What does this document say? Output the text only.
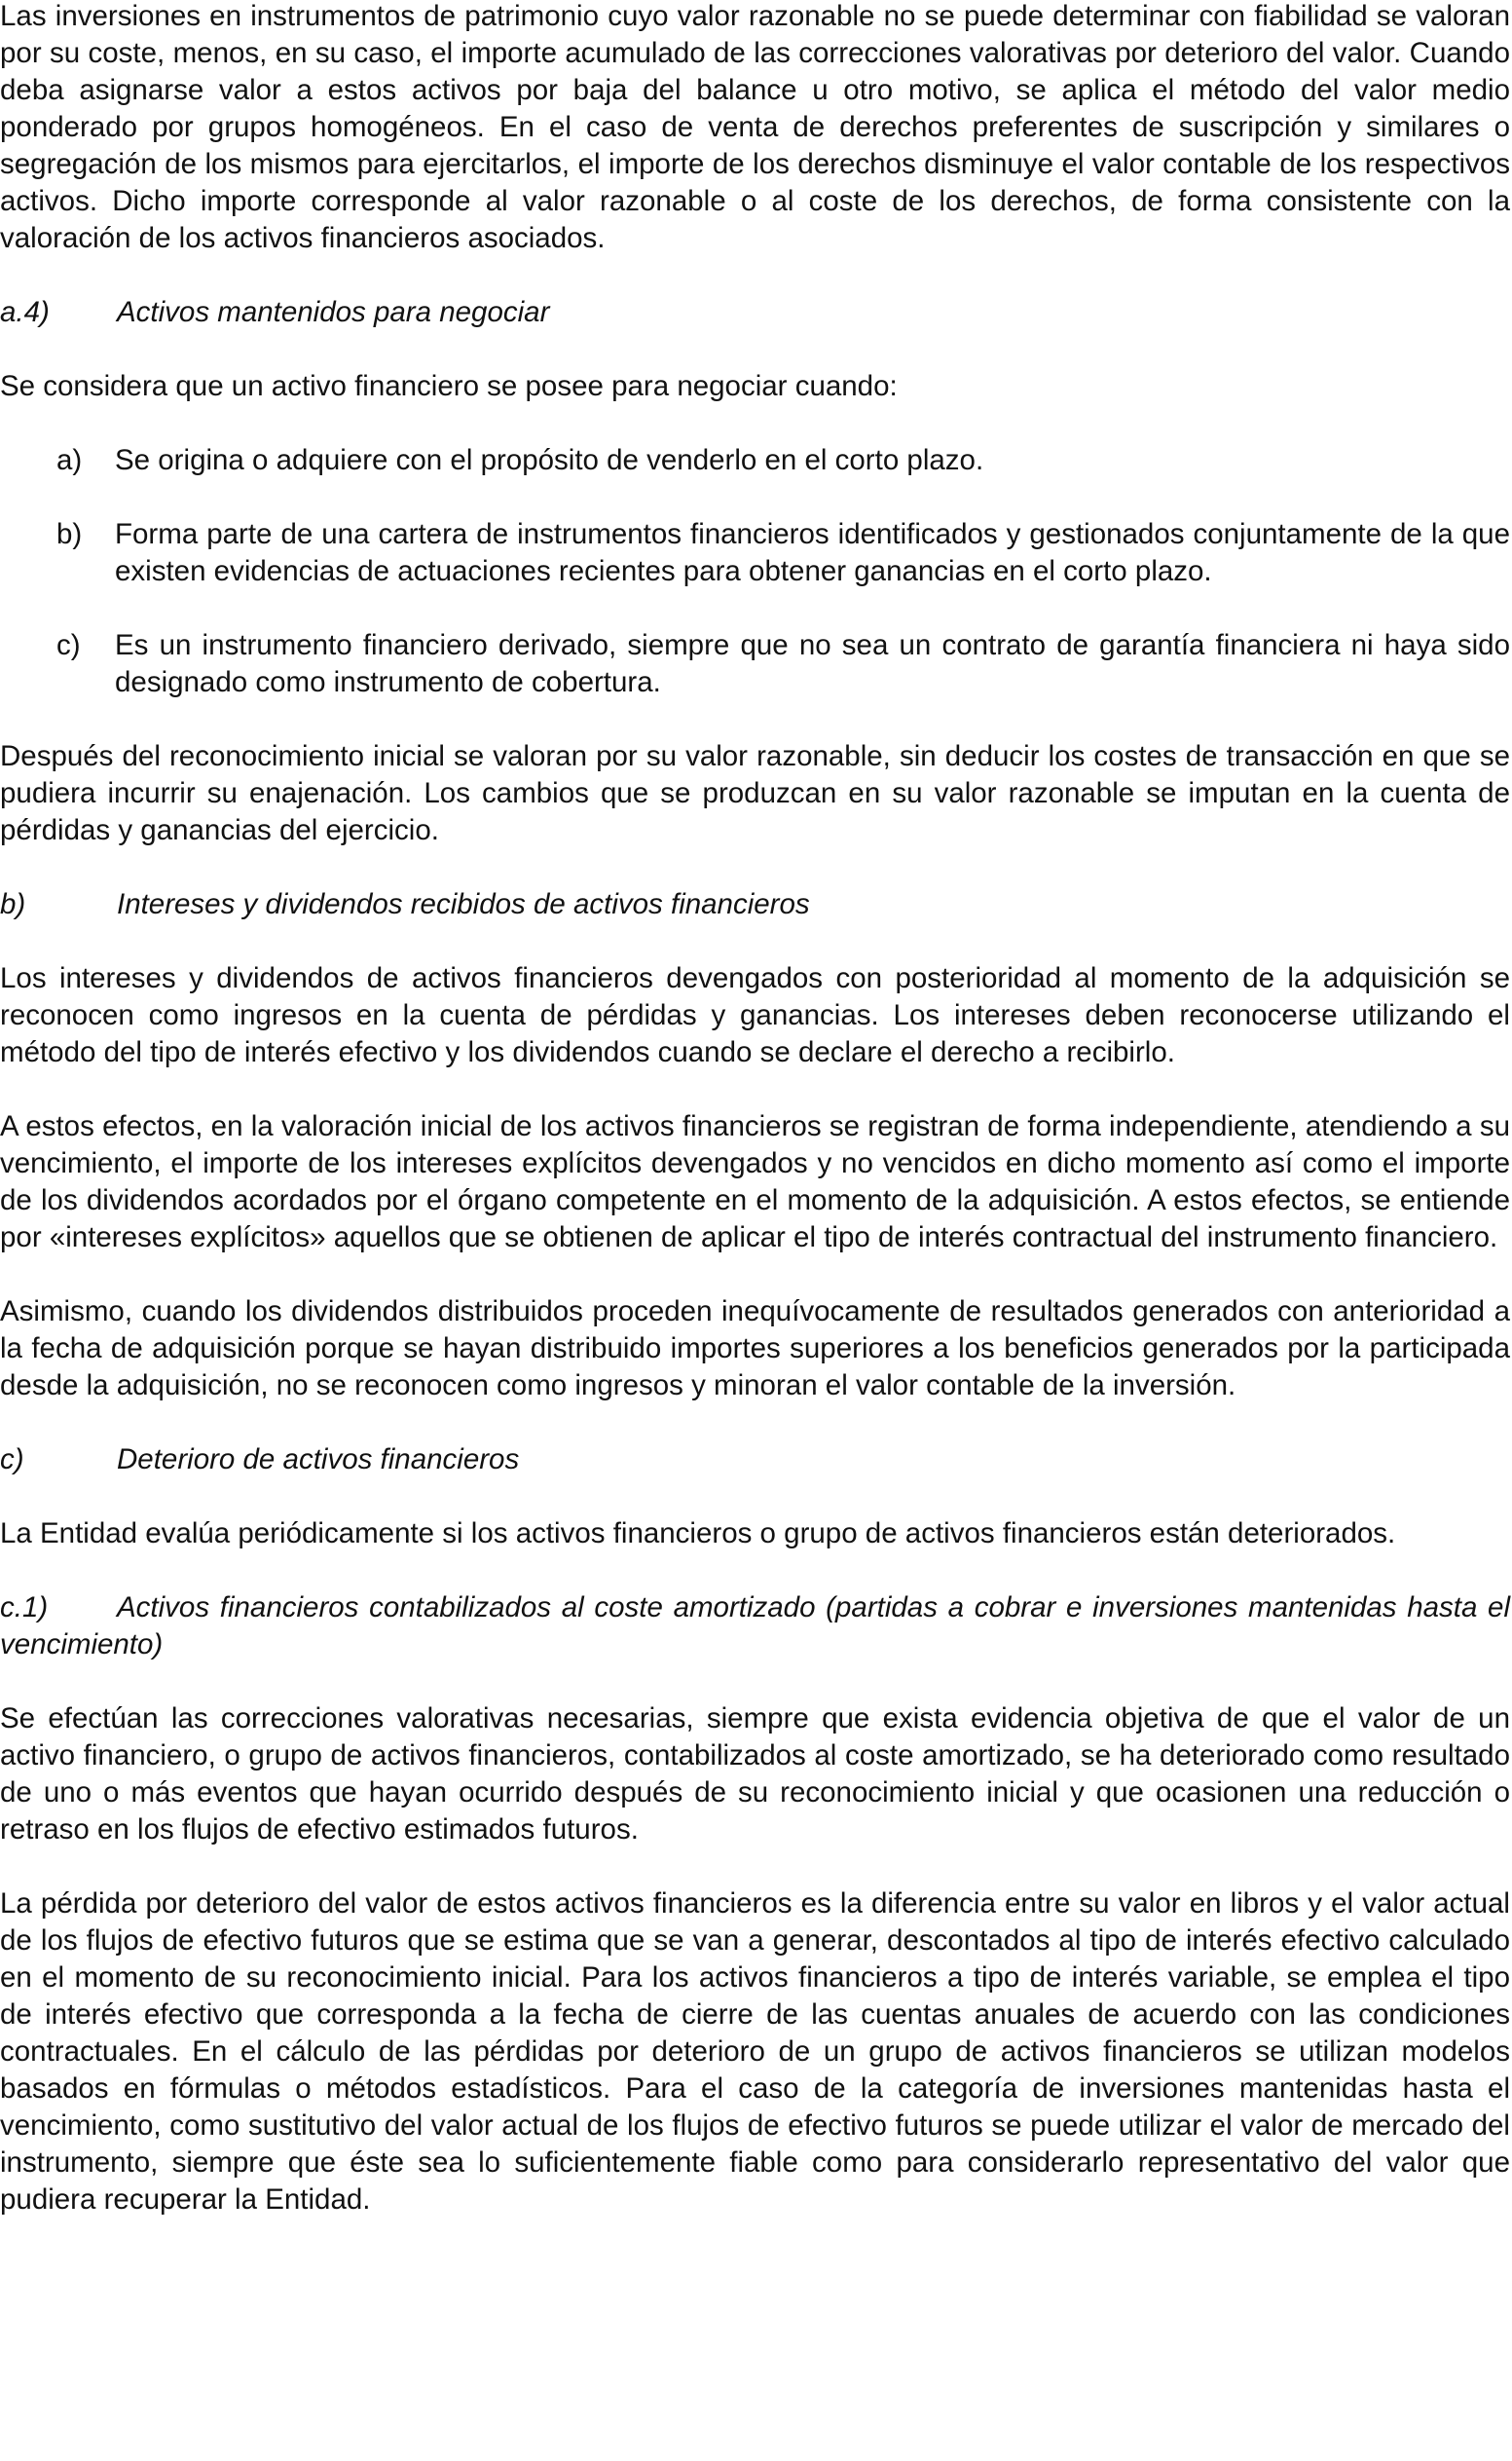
Las inversiones en instrumentos de patrimonio cuyo valor razonable no se puede determinar con fiabilidad se valoran por su coste, menos, en su caso, el importe acumulado de las correcciones valorativas por deterioro del valor. Cuando deba asignarse valor a estos activos por baja del balance u otro motivo, se aplica el método del valor medio ponderado por grupos homogéneos. En el caso de venta de derechos preferentes de suscripción y similares o segregación de los mismos para ejercitarlos, el importe de los derechos disminuye el valor contable de los respectivos activos. Dicho importe corresponde al valor razonable o al coste de los derechos, de forma consistente con la valoración de los activos financieros asociados.

a.4)	Activos mantenidos para negociar

Se considera que un activo financiero se posee para negociar cuando:

a)	Se origina o adquiere con el propósito de venderlo en el corto plazo.
b)	Forma parte de una cartera de instrumentos financieros identificados y gestionados conjuntamente de la que existen evidencias de actuaciones recientes para obtener ganancias en el corto plazo.
c)	Es un instrumento financiero derivado, siempre que no sea un contrato de garantía financiera ni haya sido designado como instrumento de cobertura.

Después del reconocimiento inicial se valoran por su valor razonable, sin deducir los costes de transacción en que se pudiera incurrir su enajenación. Los cambios que se produzcan en su valor razonable se imputan en la cuenta de pérdidas y ganancias del ejercicio.

b)	Intereses y dividendos recibidos de activos financieros

Los intereses y dividendos de activos financieros devengados con posterioridad al momento de la adquisición se reconocen como ingresos en la cuenta de pérdidas y ganancias. Los intereses deben reconocerse utilizando el método del tipo de interés efectivo y los dividendos cuando se declare el derecho a recibirlo.

A estos efectos, en la valoración inicial de los activos financieros se registran de forma independiente, atendiendo a su vencimiento, el importe de los intereses explícitos devengados y no vencidos en dicho momento así como el importe de los dividendos acordados por el órgano competente en el momento de la adquisición. A estos efectos, se entiende por «intereses explícitos» aquellos que se obtienen de aplicar el tipo de interés contractual del instrumento financiero.

Asimismo, cuando los dividendos distribuidos proceden inequívocamente de resultados generados con anterioridad a la fecha de adquisición porque se hayan distribuido importes superiores a los beneficios generados por la participada desde la adquisición, no se reconocen como ingresos y minoran el valor contable de la inversión.

c)	Deterioro de activos financieros

La Entidad evalúa periódicamente si los activos financieros o grupo de activos financieros están deteriorados.

c.1) Activos financieros contabilizados al coste amortizado (partidas a cobrar e inversiones mantenidas hasta el vencimiento)

Se efectúan las correcciones valorativas necesarias, siempre que exista evidencia objetiva de que el valor de un activo financiero, o grupo de activos financieros, contabilizados al coste amortizado, se ha deteriorado como resultado de uno o más eventos que hayan ocurrido después de su reconocimiento inicial y que ocasionen una reducción o retraso en los flujos de efectivo estimados futuros.

La pérdida por deterioro del valor de estos activos financieros es la diferencia entre su valor en libros y el valor actual de los flujos de efectivo futuros que se estima que se van a generar, descontados al tipo de interés efectivo calculado en el momento de su reconocimiento inicial. Para los activos financieros a tipo de interés variable, se emplea el tipo de interés efectivo que corresponda a la fecha de cierre de las cuentas anuales de acuerdo con las condiciones contractuales. En el cálculo de las pérdidas por deterioro de un grupo de activos financieros se utilizan modelos basados en fórmulas o métodos estadísticos. Para el caso de la categoría de inversiones mantenidas hasta el vencimiento, como sustitutivo del valor actual de los flujos de efectivo futuros se puede utilizar el valor de mercado del instrumento, siempre que éste sea lo suficientemente fiable como para considerarlo representativo del valor que pudiera recuperar la Entidad.
